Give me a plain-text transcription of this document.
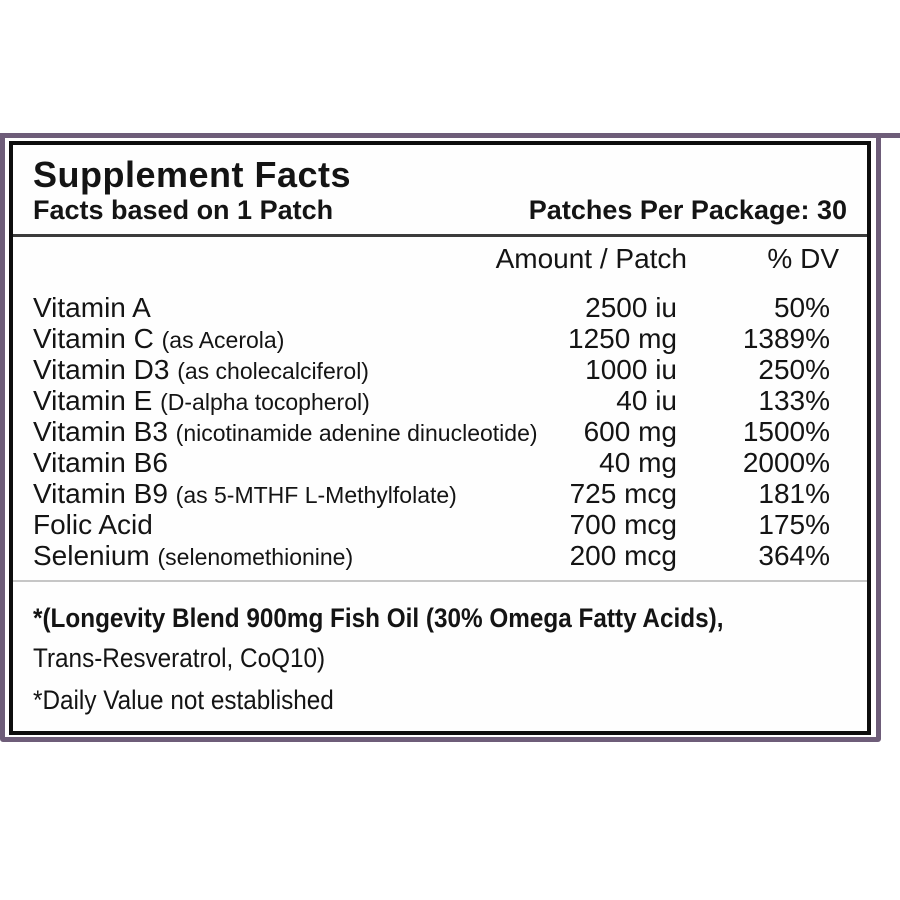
Supplement Facts
Facts based on 1 Patch	Patches Per Package: 30
Amount / Patch	% DV
Vitamin A	2500 iu	50%
Vitamin C (as Acerola)	1250 mg 1389%
Vitamin D3 (as cholecalciferol)	1000 iu	250%
Vitamin E (D-alpha tocopherol)	40 iu	133%
Vitamin B3 (nicotinamide adenine dinucleotide) 600 mg 1500%
Vitamin B6	40 mg 2000%
Vitamin B9 (as 5-MTHF L-Methylfolate)	725 mcg	181%
Folic Acid	700 mcg	175%
Selenium (selenomethionine)	200 mcg	364%
*(Longevity Blend 900mg Fish Oil (30% Omega Fatty Acids),
Trans-Resveratrol, CoQ10)
*Daily Value not established
